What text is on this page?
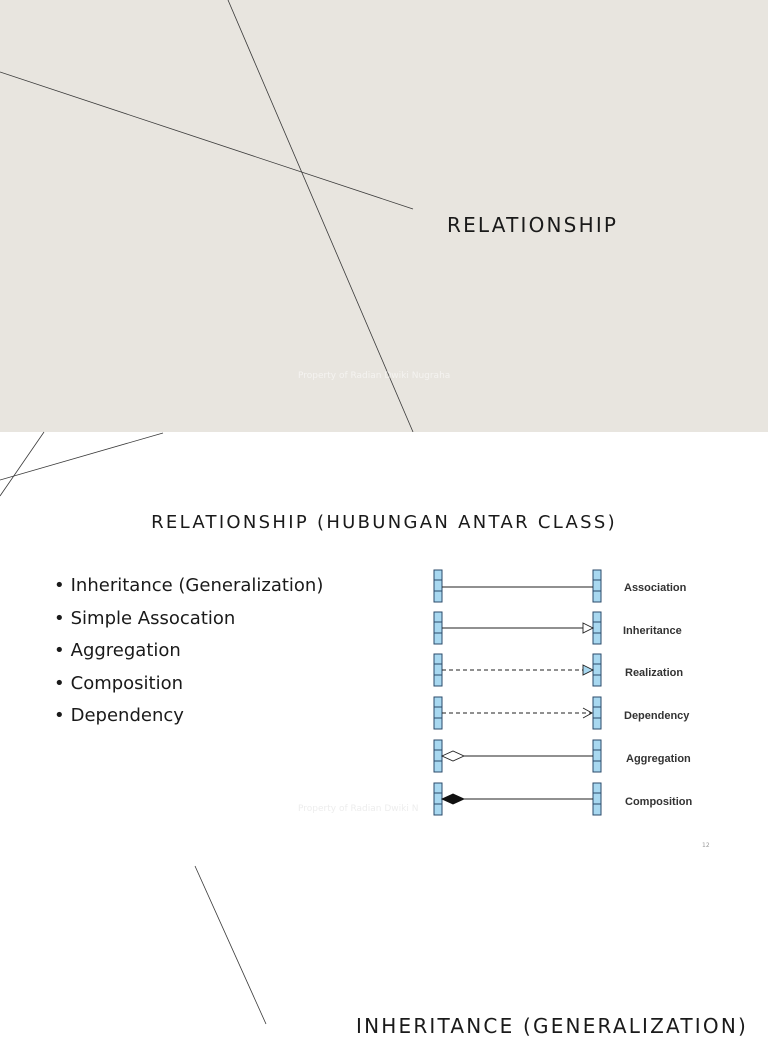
RELATIONSHIP
Property of Radian Dwiki Nugraha
RELATIONSHIP (HUBUNGAN ANTAR CLASS)
• Inheritance (Generalization)
• Simple Assocation
• Aggregation
• Composition
• Dependency
Association
Inheritance
Realization
Dependency
Aggregation
Composition
Property of Radian Dwiki N
12
INHERITANCE (GENERALIZATION)
